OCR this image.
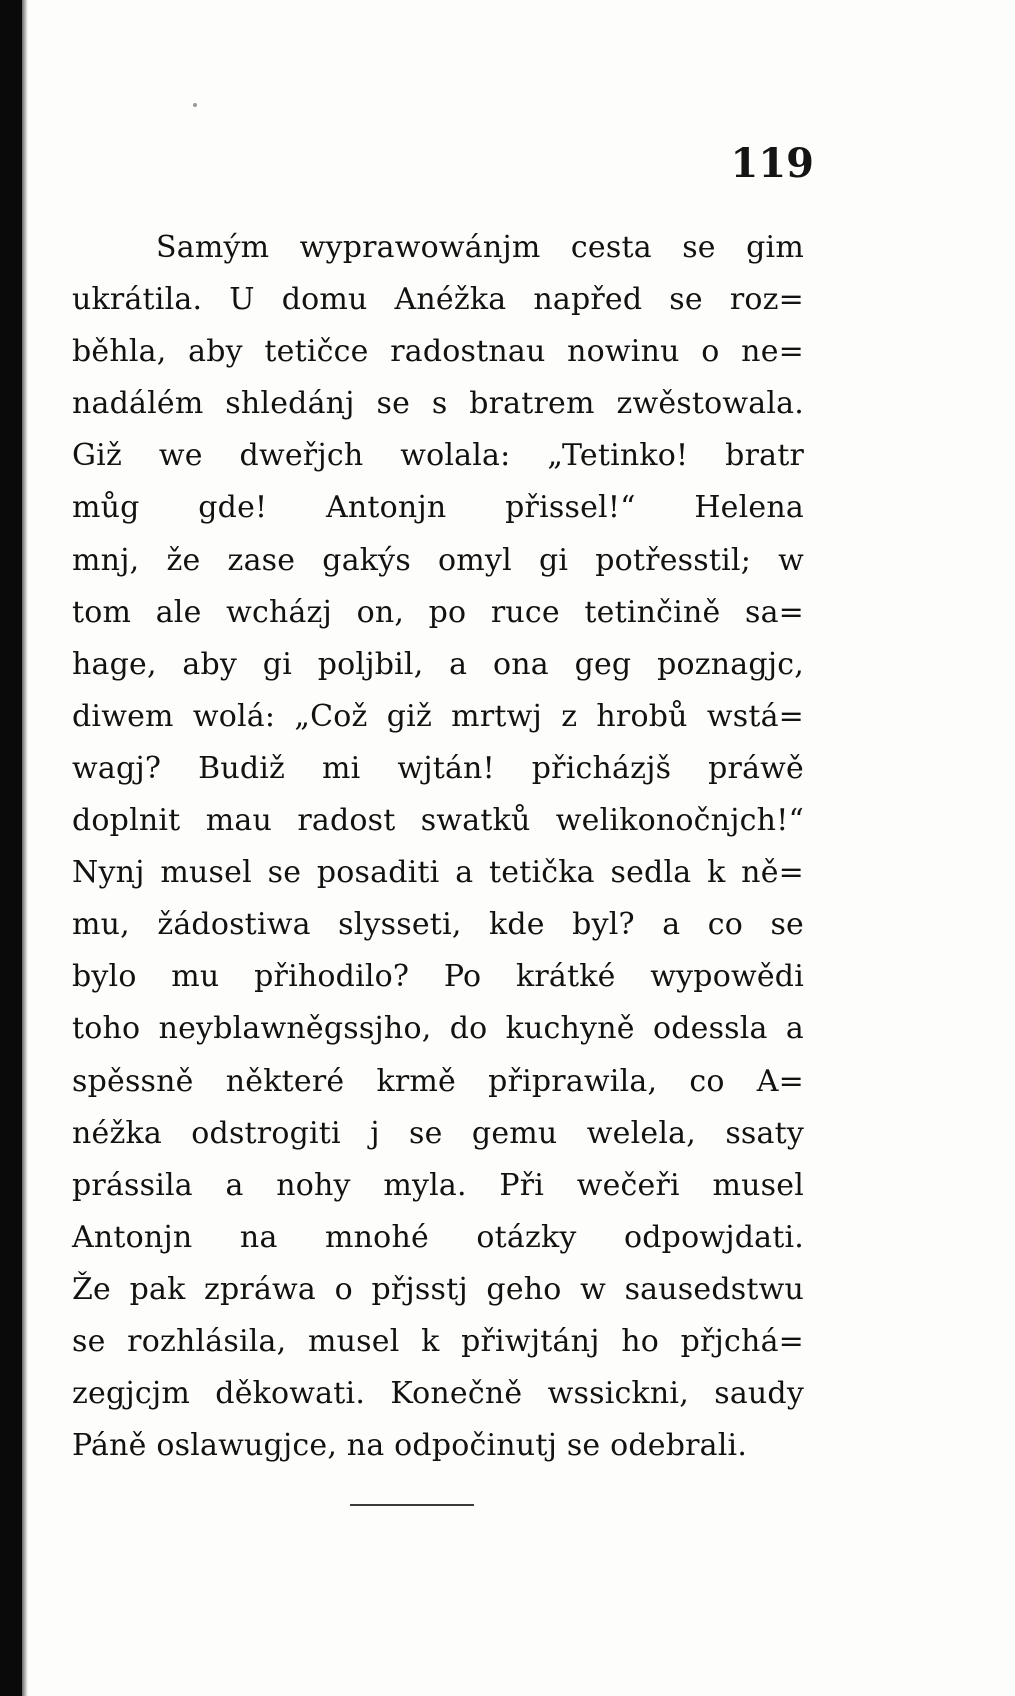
119
Samým wyprawowánjm cesta se gim
ukrátila. U domu Anéžka napřed se roz=
běhla, aby tetičce radostnau nowinu o ne=
nadálém shledánj se s bratrem zwěstowala.
Giž we dweřjch wolala: „Tetinko! bratr
můg gde! Antonjn přissel!“ Helena
mnj, že zase gakýs omyl gi potřesstil; w
tom ale wcházj on, po ruce tetinčině sa=
hage, aby gi poljbil, a ona geg poznagjc,
diwem wolá: „Což giž mrtwj z hrobů wstá=
wagj? Budiž mi wjtán! přicházjš práwě
doplnit mau radost swatků welikonočnjch!“
Nynj musel se posaditi a tetička sedla k ně=
mu, žádostiwa slysseti, kde byl? a co se
bylo mu přihodilo? Po krátké wypowědi
toho neyblawněgssjho, do kuchyně odessla a
spěssně některé krmě připrawila, co A=
néžka odstrogiti j se gemu welela, ssaty
prássila a nohy myla. Při wečeři musel
Antonjn na mnohé otázky odpowjdati.
Že pak zpráwa o přjsstj geho w sausedstwu
se rozhlásila, musel k přiwjtánj ho přjchá=
zegjcjm děkowati. Konečně wssickni, saudy
Páně oslawugjce, na odpočinutj se odebrali.
